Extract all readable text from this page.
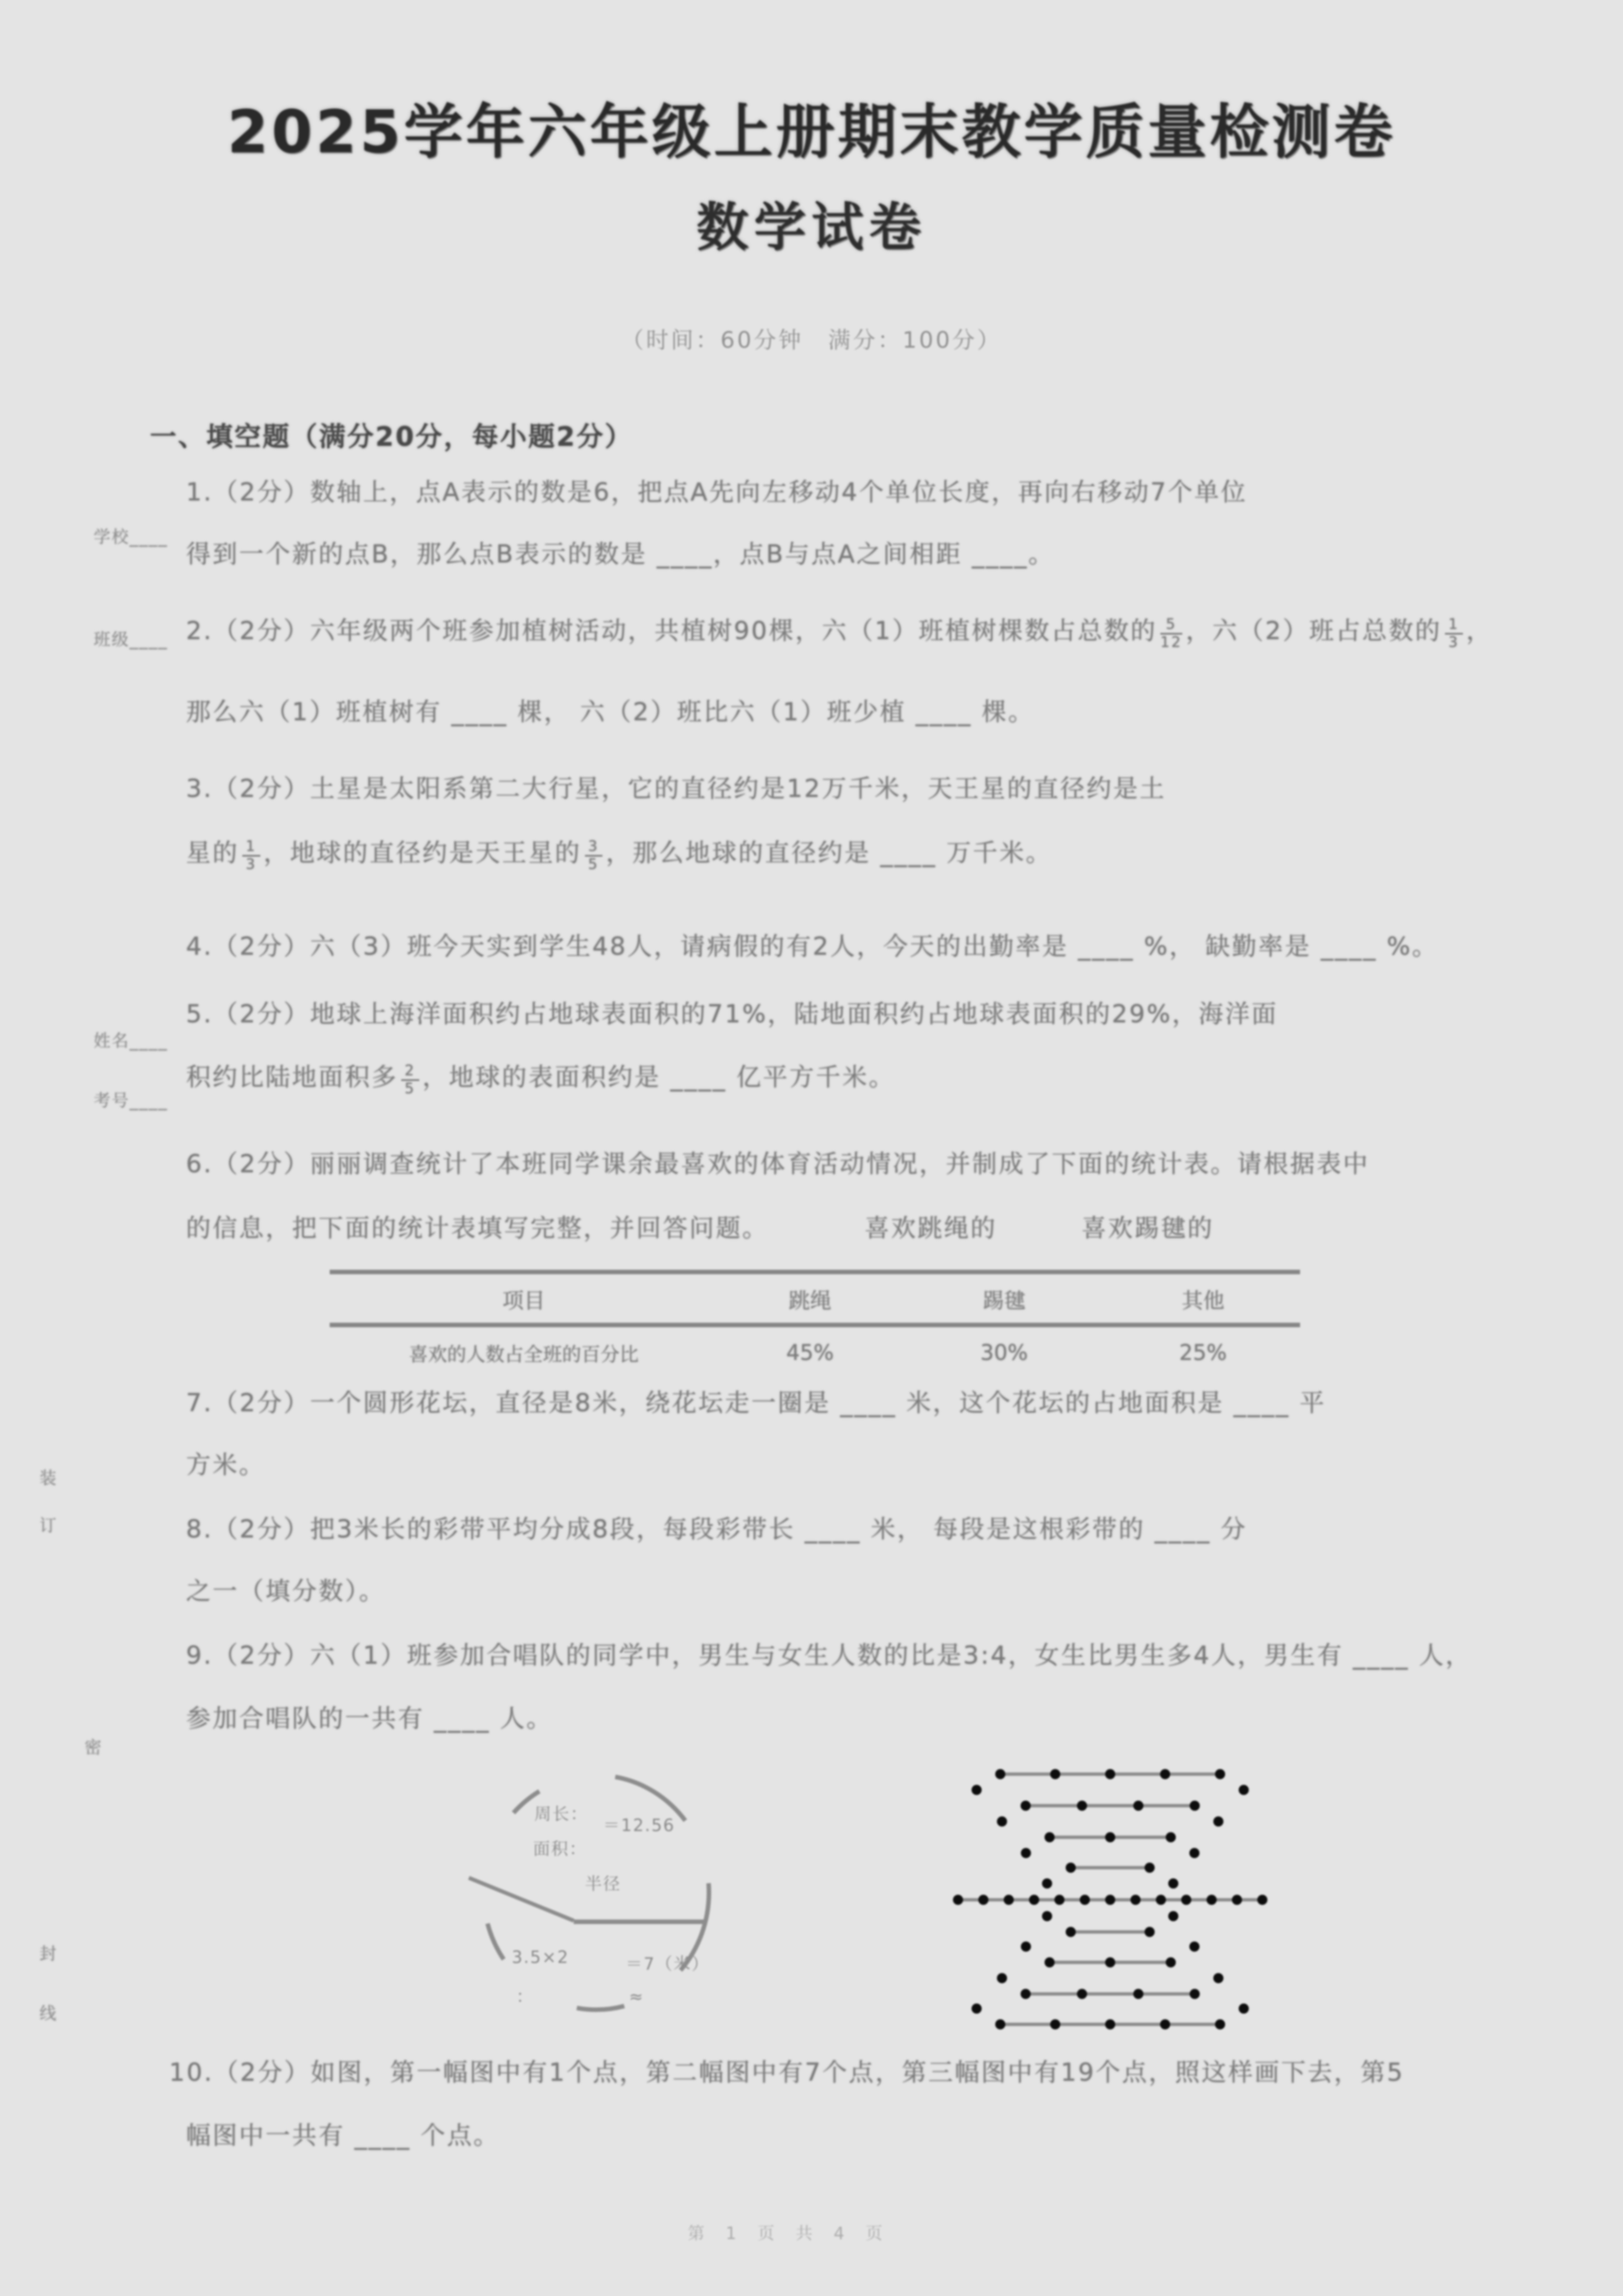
2025学年六年级上册期末教学质量检测卷
数学试卷
（时间：60分钟　满分：100分）
一、填空题（满分20分，每小题2分）
1.（2分）数轴上，点A表示的数是6，把点A先向左移动4个单位长度，再向右移动7个单位
得到一个新的点B，那么点B表示的数是 ____，点B与点A之间相距 ____。
2.（2分）六年级两个班参加植树活动，共植树90棵，六（1）班植树棵数占总数的 $\frac{5}{12}$ ，六（2）班占总数的 $\frac{1}{3}$ ，
那么六（1）班植树有 ____ 棵， 六（2）班比六（1）班少植 ____ 棵。
3.（2分）土星是太阳系第二大行星，它的直径约是12万千米，天王星的直径约是土
星的 $\frac{1}{3}$ ，地球的直径约是天王星的 $\frac{3}{5}$ ，那么地球的直径约是 ____ 万千米。
4.（2分）六（3）班今天实到学生48人，请病假的有2人，今天的出勤率是 ____ %， 缺勤率是 ____ %。
5.（2分）地球上海洋面积约占地球表面积的71%，陆地面积约占地球表面积的29%，海洋面
积约比陆地面积多 $\frac{2}{5}$ ，地球的表面积约是 ____ 亿平方千米。
6.（2分）丽丽调查统计了本班同学课余最喜欢的体育活动情况，并制成了下面的统计表。请根据表中
的信息，把下面的统计表填写完整，并回答问题。	喜欢跳绳的	喜欢踢毽的
项目	跳绳	踢毽	其他
喜欢的人数占全班的百分比	45%	30%	25%
7.（2分）一个圆形花坛，直径是8米，绕花坛走一圈是 ____ 米，这个花坛的占地面积是 ____ 平
方米。
8.（2分）把3米长的彩带平均分成8段，每段彩带长 ____ 米， 每段是这根彩带的 ____ 分
之一（填分数）。
9.（2分）六（1）班参加合唱队的同学中，男生与女生人数的比是3:4，女生比男生多4人，男生有 ____ 人，
参加合唱队的一共有 ____ 人。
周长：
＝12.56
面积：
半径
3.5×2	＝7（米）
：	≈
10.（2分）如图，第一幅图中有1个点，第二幅图中有7个点，第三幅图中有19个点，照这样画下去，第5
幅图中一共有 ____ 个点。
学校____
班级____
姓名____
考号____
装
订
密
封
线
第 1 页 共 4 页
